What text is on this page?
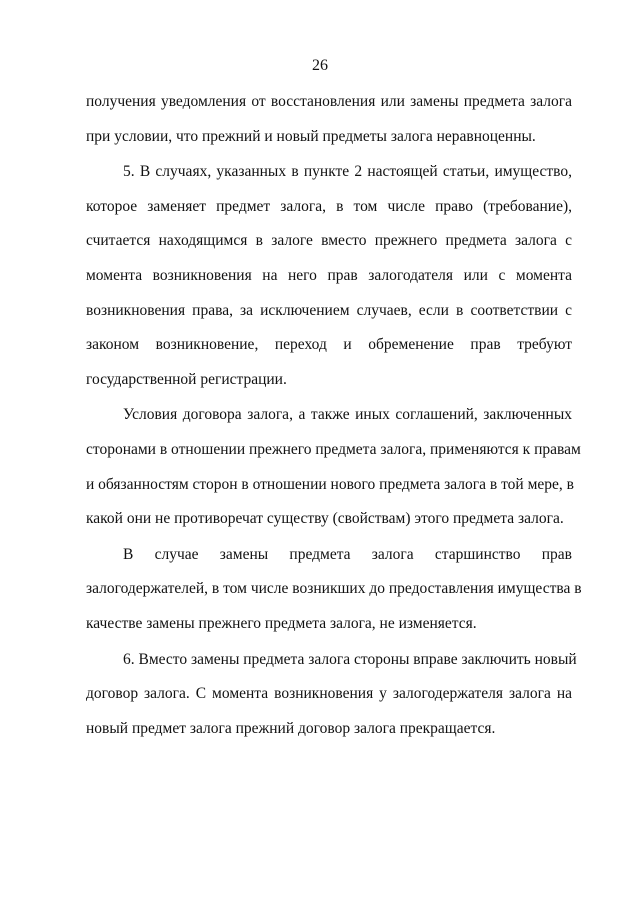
26
получения уведомления от восстановления или замены предмета залога
при условии, что прежний и новый предметы залога неравноценны.
5. В случаях, указанных в пункте 2 настоящей статьи, имущество,
которое заменяет предмет залога, в том числе право (требование),
считается находящимся в залоге вместо прежнего предмета залога с
момента возникновения на него прав залогодателя или с момента
возникновения права, за исключением случаев, если в соответствии с
законом возникновение, переход и обременение прав требуют
государственной регистрации.
Условия договора залога, а также иных соглашений, заключенных
сторонами в отношении прежнего предмета залога, применяются к правам
и обязанностям сторон в отношении нового предмета залога в той мере, в
какой они не противоречат существу (свойствам) этого предмета залога.
В случае замены предмета залога старшинство прав
залогодержателей, в том числе возникших до предоставления имущества в
качестве замены прежнего предмета залога, не изменяется.
6. Вместо замены предмета залога стороны вправе заключить новый
договор залога. С момента возникновения у залогодержателя залога на
новый предмет залога прежний договор залога прекращается.
